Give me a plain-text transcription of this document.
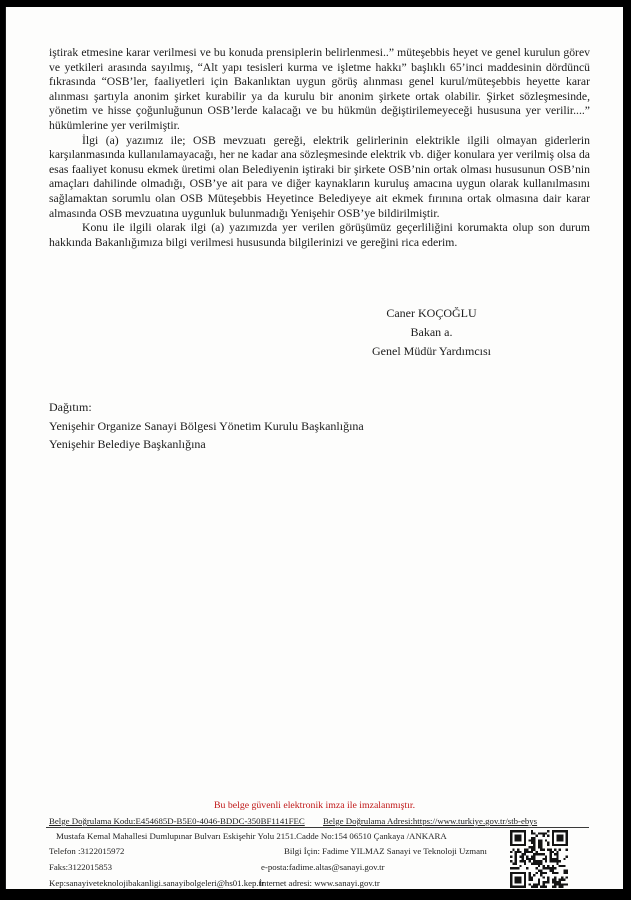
iştirak etmesine karar verilmesi ve bu konuda prensiplerin belirlenmesi..” müteşebbis heyet ve genel kurulun görev ve yetkileri arasında sayılmış, “Alt yapı tesisleri kurma ve işletme hakkı” başlıklı 65’inci maddesinin dördüncü fıkrasında “OSB’ler, faaliyetleri için Bakanlıktan uygun görüş alınması genel kurul/müteşebbis heyette karar alınması şartıyla anonim şirket kurabilir ya da kurulu bir anonim şirkete ortak olabilir. Şirket sözleşmesinde, yönetim ve hisse çoğunluğunun OSB’lerde kalacağı ve bu hükmün değiştirilemeyeceği hususuna yer verilir....” hükümlerine yer verilmiştir.

İlgi (a) yazımız ile; OSB mevzuatı gereği, elektrik gelirlerinin elektrikle ilgili olmayan giderlerin karşılanmasında kullanılamayacağı, her ne kadar ana sözleşmesinde elektrik vb. diğer konulara yer verilmiş olsa da esas faaliyet konusu ekmek üretimi olan Belediyenin iştiraki bir şirkete OSB’nin ortak olması hususunun OSB’nin amaçları dahilinde olmadığı, OSB’ye ait para ve diğer kaynakların kuruluş amacına uygun olarak kullanılmasını sağlamaktan sorumlu olan OSB Müteşebbis Heyetince Belediyeye ait ekmek fırınına ortak olmasına dair karar almasında OSB mevzuatına uygunluk bulunmadığı Yenişehir OSB’ye bildirilmiştir.

Konu ile ilgili olarak ilgi (a) yazımızda yer verilen görüşümüz geçerliliğini korumakta olup son durum hakkında Bakanlığımıza bilgi verilmesi hususunda bilgilerinizi ve gereğini rica ederim.

Caner KOÇOĞLU
Bakan a.
Genel Müdür Yardımcısı
Dağıtım:
Yenişehir Organize Sanayi Bölgesi Yönetim Kurulu Başkanlığına
Yenişehir Belediye Başkanlığına
Bu belge güvenli elektronik imza ile imzalanmıştır.
Belge Doğrulama Kodu:E454685D-B5E0-4046-BDDC-350BF1141FEC Belge Doğrulama Adresi:https://www.turkiye.gov.tr/stb-ebys
Mustafa Kemal Mahallesi Dumlupınar Bulvarı Eskişehir Yolu 2151.Cadde No:154 06510 Çankaya /ANKARA
Telefon :3122015972	Bilgi İçin: Fadime YILMAZ Sanayi ve Teknoloji Uzmanı
Faks:3122015853	e-posta:fadime.altas@sanayi.gov.tr
Kep:sanayiveteknolojibakanligi.sanayibolgeleri@hs01.kep.tr
İnternet adresi: www.sanayi.gov.tr
